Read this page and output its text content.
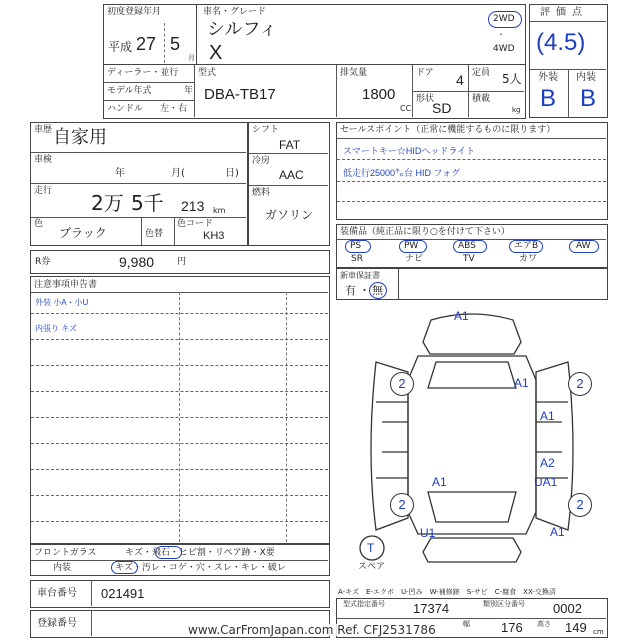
初度登録年月
平成 27 5
月
車名・グレード
シルフィ
X
2WD
・
4WD
評価点
(4.5)
外装 内装
B B
ディーラー・並行
モデル年式	年
ハンドル 左・右
型式
DBA-TB17
排気量
1800
CC
ドア 4 定員 5人
形状
SD
積載
kg
車歴 自家用
車検
年	月(	日)
走行 2万 5千 213 km
色
ブラック	色替
色コード
KH3
シフト
FAT
冷房
AAC
燃料
ガソリン
セールスポイント（正常に機能するものに限ります）
スマートキー☆HIDヘッドライト
低走行25000㌔台 HID フォグ
装備品（純正品に限り○を付けて下さい）
PS	PW	ABS	エアB	AW
SR	ナビ	TV	カワ
新車保証書
有 ・ 無
R券	9,980	円
注意事項申告書
外装 小A・小U
内張り キズ
フロントガラス	キズ・飛石・ヒビ割・リペア跡・X要
内装	キズ・汚レ・コゲ・穴・スレ・キレ・破レ
車台番号 021491
登録番号
型式指定番号 17374	類別区分番号 0002
幅 176 高さ 149 cm
A1
A1
A1
A2
UA1
A1
U1	A1
2	2
2	2
T
スペア
A-キズ　E-エクボ　U-凹み　W-補修跡　S-サビ　C-腐食　XX-交換済
www.CarFromJapan.com Ref. CFJ2531786
